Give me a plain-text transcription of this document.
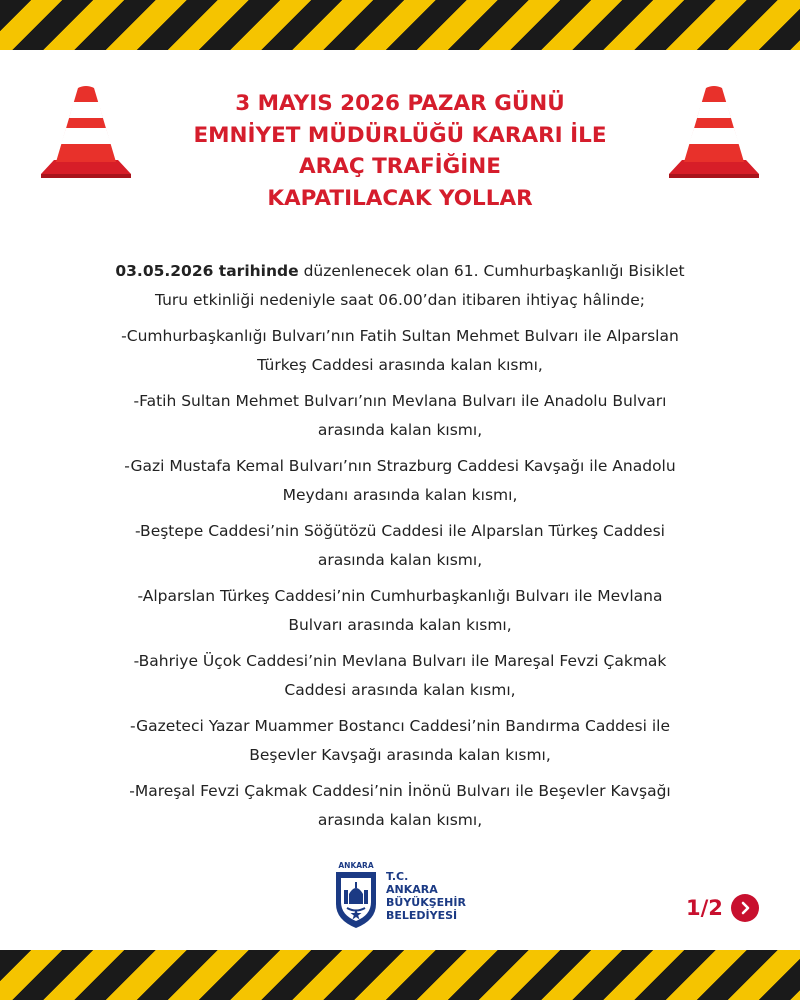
3 MAYIS 2026 PAZAR GÜNÜ
EMNİYET MÜDÜRLÜĞÜ KARARI İLE
ARAÇ TRAFİĞİNE
KAPATILACAK YOLLAR

03.05.2026 tarihinde düzenlenecek olan 61. Cumhurbaşkanlığı Bisiklet
Turu etkinliği nedeniyle saat 06.00’dan itibaren ihtiyaç hâlinde;

-Cumhurbaşkanlığı Bulvarı’nın Fatih Sultan Mehmet Bulvarı ile Alparslan
Türkeş Caddesi arasında kalan kısmı,

-Fatih Sultan Mehmet Bulvarı’nın Mevlana Bulvarı ile Anadolu Bulvarı
arasında kalan kısmı,

-Gazi Mustafa Kemal Bulvarı’nın Strazburg Caddesi Kavşağı ile Anadolu
Meydanı arasında kalan kısmı,

-Beştepe Caddesi’nin Söğütözü Caddesi ile Alparslan Türkeş Caddesi
arasında kalan kısmı,

-Alparslan Türkeş Caddesi’nin Cumhurbaşkanlığı Bulvarı ile Mevlana
Bulvarı arasında kalan kısmı,

-Bahriye Üçok Caddesi’nin Mevlana Bulvarı ile Mareşal Fevzi Çakmak
Caddesi arasında kalan kısmı,

-Gazeteci Yazar Muammer Bostancı Caddesi’nin Bandırma Caddesi ile
Beşevler Kavşağı arasında kalan kısmı,

-Mareşal Fevzi Çakmak Caddesi’nin İnönü Bulvarı ile Beşevler Kavşağı
arasında kalan kısmı,

ANKARA
T.C.
ANKARA
BÜYÜKŞEHİR
BELEDİYESİ	1/2
